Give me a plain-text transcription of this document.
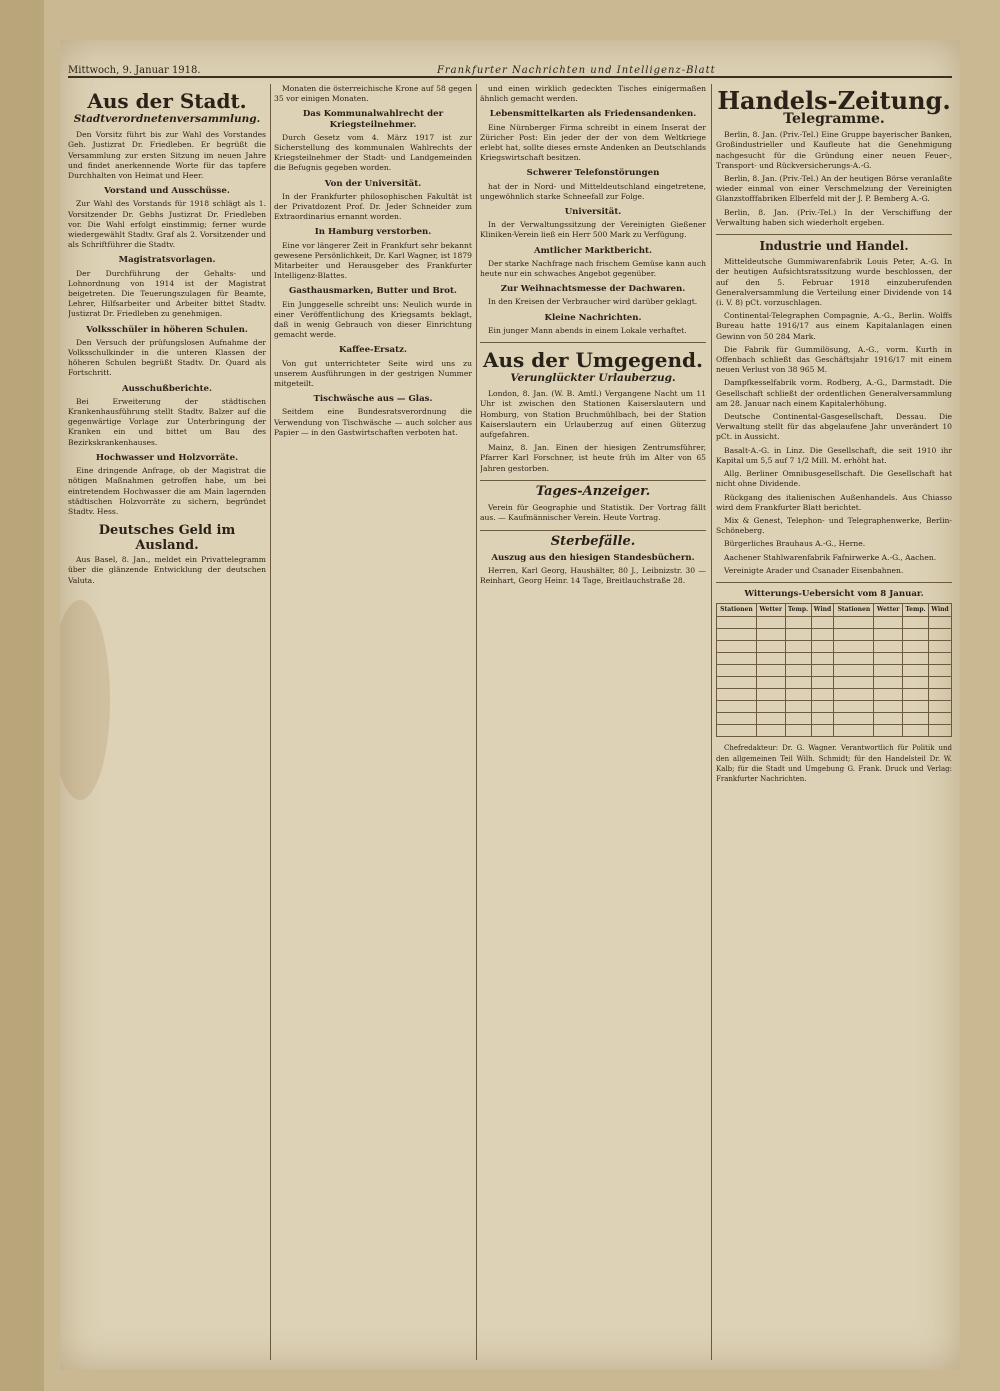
Mittwoch, 9. Januar 1918.	Frankfurter Nachrichten und Intelligenz-Blatt
Aus der Stadt.
Stadtverordnetenversammlung.

Den Vorsitz führt bis zur Wahl des Vorstandes Geh. Justizrat Dr. Friedleben. Er begrüßt die Versammlung zur ersten Sitzung im neuen Jahre und findet anerkennende Worte für das tapfere Durchhalten von Heimat und Heer.

Vorstand und Ausschüsse.

Zur Wahl des Vorstands für 1918 schlägt als 1. Vorsitzender Dr. Gebhs Justizrat Dr. Friedleben vor. Die Wahl erfolgt einstimmig; ferner wurde wiedergewählt Stadtv. Graf als 2. Vorsitzender und als Schriftführer die Stadtv.

Magistratsvorlagen.

Der Durchführung der Gehalts- und Lohnordnung von 1914 ist der Magistrat beigetreten. Die Teuerungszulagen für Beamte, Lehrer, Hilfsarbeiter und Arbeiter bittet Stadtv. Justizrat Dr. Friedleben zu genehmigen.

Volksschüler in höheren Schulen.

Den Versuch der prüfungslosen Aufnahme der Volksschulkinder in die unteren Klassen der höheren Schulen begrüßt Stadtv. Dr. Quard als Fortschritt.

Ausschußberichte.

Bei Erweiterung der städtischen Krankenhausführung stellt Stadtv. Balzer auf die gegenwärtige Vorlage zur Unterbringung der Kranken ein und bittet um Bau des Bezirkskrankenhauses.

Hochwasser und Holzvorräte.

Eine dringende Anfrage, ob der Magistrat die nötigen Maßnahmen getroffen habe, um bei eintretendem Hochwasser die am Main lagernden städtischen Holzvorräte zu sichern, begründet Stadtv. Hess.

Deutsches Geld im Ausland.

Aus Basel, 8. Jan., meldet ein Privattelegramm über die glänzende Entwicklung der deutschen Valuta.

Monaten die österreichische Krone auf 58 gegen 35 vor einigen Monaten.

Das Kommunalwahlrecht der Kriegsteilnehmer.

Durch Gesetz vom 4. März 1917 ist zur Sicherstellung des kommunalen Wahlrechts der Kriegsteilnehmer der Stadt- und Landgemeinden die Befugnis gegeben worden.

Von der Universität.

In der Frankfurter philosophischen Fakultät ist der Privatdozent Prof. Dr. Jeder Schneider zum Extraordinarius ernannt worden.

In Hamburg verstorben.

Eine vor längerer Zeit in Frankfurt sehr bekannt gewesene Persönlichkeit, Dr. Karl Wagner, ist 1879 Mitarbeiter und Herausgeber des Frankfurter Intelligenz-Blattes.

Gasthausmarken, Butter und Brot.

Ein Junggeselle schreibt uns: Neulich wurde in einer Veröffentlichung des Kriegsamts beklagt, daß in wenig Gebrauch von dieser Einrichtung gemacht werde.

Kaffee-Ersatz.

Von gut unterrichteter Seite wird uns zu unserem Ausführungen in der gestrigen Nummer mitgeteilt.

Tischwäsche aus — Glas.

Seitdem eine Bundesratsverordnung die Verwendung von Tischwäsche — auch solcher aus Papier — in den Gastwirtschaften verboten hat.

und einen wirklich gedeckten Tisches einigermaßen ähnlich gemacht werden.

Lebensmittelkarten als Friedensandenken.

Eine Nürnberger Firma schreibt in einem Inserat der Züricher Post: Ein jeder der der von dem Weltkriege erlebt hat, sollte dieses ernste Andenken an Deutschlands Kriegswirtschaft besitzen.

Schwerer Telefonstörungen

hat der in Nord- und Mitteldeutschland eingetretene, ungewöhnlich starke Schneefall zur Folge.

Universität.

In der Verwaltungssitzung der Vereinigten Gießener Kliniken-Verein ließ ein Herr 500 Mark zu Verfügung.

Amtlicher Marktbericht.

Der starke Nachfrage nach frischem Gemüse kann auch heute nur ein schwaches Angebot gegenüber.

Zur Weihnachtsmesse der Dachwaren.

In den Kreisen der Verbraucher wird darüber geklagt.

Kleine Nachrichten.

Ein junger Mann abends in einem Lokale verhaftet.

Aus der Umgegend.
Verunglückter Urlauberzug.

London, 8. Jan. (W. B. Amtl.) Vergangene Nacht um 11 Uhr ist zwischen den Stationen Kaiserslautern und Homburg, von Station Bruchmühlbach, bei der Station Kaiserslautern ein Urlauberzug auf einen Güterzug aufgefahren.

Mainz, 8. Jan. Einen der hiesigen Zentrumsführer, Pfarrer Karl Forschner, ist heute früh im Alter von 65 Jahren gestorben.

Tages-Anzeiger.

Verein für Geographie und Statistik. Der Vortrag fällt aus. — Kaufmännischer Verein. Heute Vortrag.

Sterbefälle.
Auszug aus den hiesigen Standesbüchern.

Herren, Karl Georg, Haushälter, 80 J., Leibnizstr. 30 — Reinhart, Georg Heinr. 14 Tage, Breitlauchstraße 28.

Handels-Zeitung.
Telegramme.

Berlin, 8. Jan. (Priv.-Tel.) Eine Gruppe bayerischer Banken, Großindustrieller und Kaufleute hat die Genehmigung nachgesucht für die Gründung einer neuen Feuer-, Transport- und Rückversicherungs-A.-G.

Berlin, 8. Jan. (Priv.-Tel.) An der heutigen Börse veranlaßte wieder einmal von einer Verschmelzung der Vereinigten Glanzstofffabriken Elberfeld mit der J. P. Bemberg A.-G.

Berlin, 8. Jan. (Priv.-Tel.) In der Verschiffung der Verwaltung haben sich wiederholt ergeben.

Industrie und Handel.

Mitteldeutsche Gummiwarenfabrik Louis Peter, A.-G. In der heutigen Aufsichtsratssitzung wurde beschlossen, der auf den 5. Februar 1918 einzuberufenden Generalversammlung die Verteilung einer Dividende von 14 (i. V. 8) pCt. vorzuschlagen.

Continental-Telegraphen Compagnie, A.-G., Berlin. Wolffs Bureau hatte 1916/17 aus einem Kapitalanlagen einen Gewinn von 50 284 Mark.

Die Fabrik für Gummilösung, A.-G., vorm. Kurth in Offenbach schließt das Geschäftsjahr 1916/17 mit einem neuen Verlust von 38 965 M.

Dampfkesselfabrik vorm. Rodberg, A.-G., Darmstadt. Die Gesellschaft schließt der ordentlichen Generalversammlung am 28. Januar nach einem Kapitalerhöhung.

Deutsche Continental-Gasgesellschaft, Dessau. Die Verwaltung stellt für das abgelaufene Jahr unverändert 10 pCt. in Aussicht.

Basalt-A.-G. in Linz. Die Gesellschaft, die seit 1910 ihr Kapital um 5,5 auf 7 1/2 Mill. M. erhöht hat.

Allg. Berliner Omnibusgesellschaft. Die Gesellschaft hat nicht ohne Dividende.

Rückgang des italienischen Außenhandels. Aus Chiasso wird dem Frankfurter Blatt berichtet.

Mix & Genest, Telephon- und Telegraphenwerke, Berlin-Schöneberg.

Bürgerliches Brauhaus A.-G., Herne.

Aachener Stahlwarenfabrik Fafnirwerke A.-G., Aachen.

Vereinigte Arader und Csanader Eisenbahnen.

Witterungs-Uebersicht vom 8 Januar.
Stationen	Wetter	Temp.	Wind	Stationen	Wetter	Temp.	Wind

Chefredakteur: Dr. G. Wagner. Verantwortlich für Politik und den allgemeinen Teil Wilh. Schmidt; für den Handelsteil Dr. W. Kalb; für die Stadt und Umgebung G. Frank. Druck und Verlag: Frankfurter Nachrichten.
